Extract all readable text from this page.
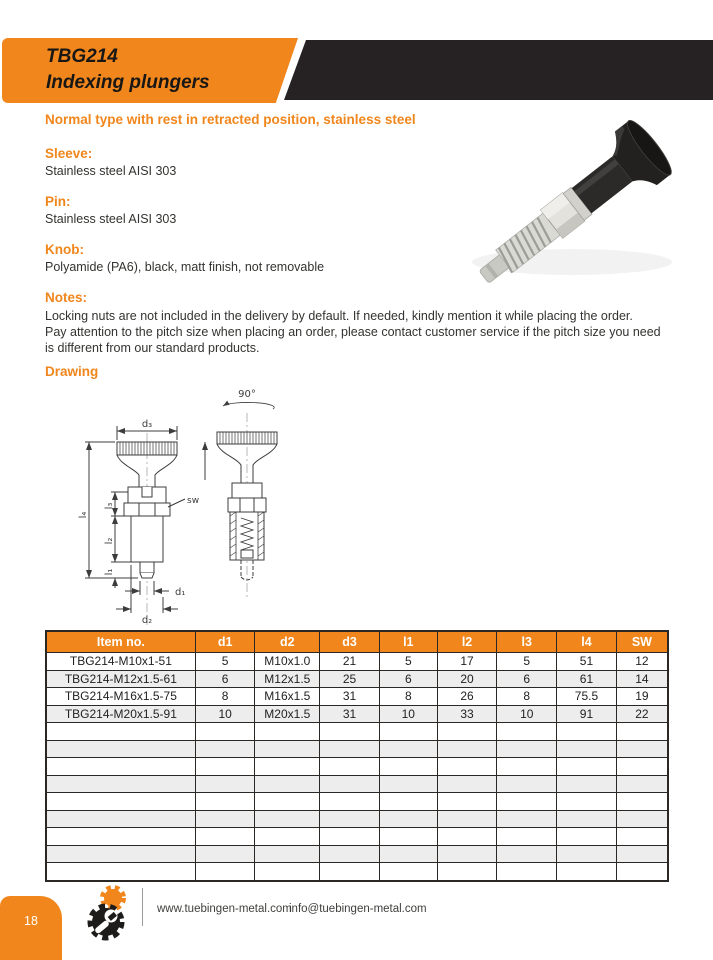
TBG214
Indexing plungers
Normal type with rest in retracted position, stainless steel
Sleeve:
Stainless steel AISI 303
Pin:
Stainless steel AISI 303
Knob:
Polyamide (PA6), black, matt finish, not removable
Notes:
Locking nuts are not included in the delivery by default. If needed, kindly mention it while placing the order.
Pay attention to the pitch size when placing an order, please contact customer service if the pitch size you need is different from our standard products.
Drawing
sw
d₃
l₄
l₃
l₂
l₁
d₁
d₂
90°
Item no.	d1	d2	d3	l1	l2	l3	l4	SW
TBG214-M10x1-51	5	M10x1.0	21	5	17	5	51	12
TBG214-M12x1.5-61	6	M12x1.5	25	6	20	6	61	14
TBG214-M16x1.5-75	8	M16x1.5	31	8	26	8	75.5	19
TBG214-M20x1.5-91	10	M20x1.5	31	10	33	10	91	22

18
www.tuebingen-metal.com
info@tuebingen-metal.com
